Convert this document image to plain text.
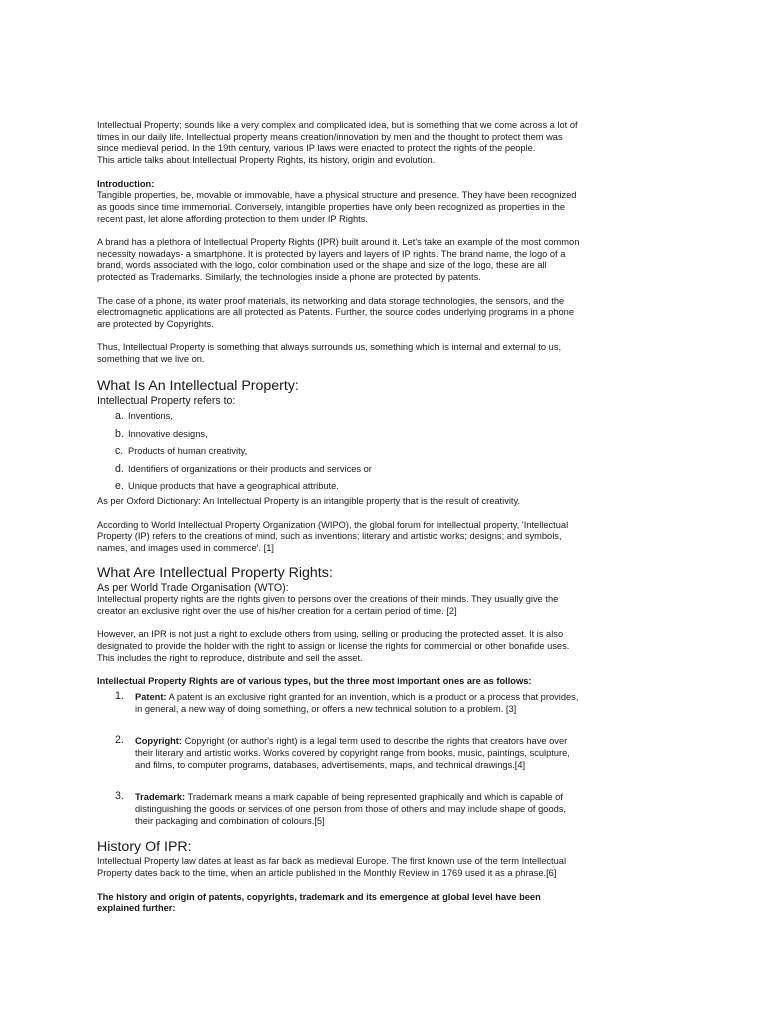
Intellectual Property; sounds like a very complex and complicated idea, but is something that we come across a lot of times in our daily life. Intellectual property means creation/innovation by men and the thought to protect them was since medieval period. In the 19th century, various IP laws were enacted to protect the rights of the people.

This article talks about Intellectual Property Rights, its history, origin and evolution.

Introduction:

Tangible properties, be, movable or immovable, have a physical structure and presence. They have been recognized as goods since time immemorial. Conversely, intangible properties have only been recognized as properties in the recent past, let alone affording protection to them under IP Rights.

A brand has a plethora of Intellectual Property Rights (IPR) built around it. Let's take an example of the most common necessity nowadays- a smartphone. It is protected by layers and layers of IP rights. The brand name, the logo of a brand, words associated with the logo, color combination used or the shape and size of the logo, these are all protected as Trademarks. Similarly, the technologies inside a phone are protected by patents.

The case of a phone, its water proof materials, its networking and data storage technologies, the sensors, and the electromagnetic applications are all protected as Patents. Further, the source codes underlying programs in a phone are protected by Copyrights.

Thus, Intellectual Property is something that always surrounds us, something which is internal and external to us, something that we live on.

What Is An Intellectual Property:

Intellectual Property refers to:

a. Inventions,
b. Innovative designs,
c. Products of human creativity,
d. Identifiers of organizations or their products and services or
e. Unique products that have a geographical attribute.

As per Oxford Dictionary: An Intellectual Property is an intangible property that is the result of creativity.

According to World Intellectual Property Organization (WIPO), the global forum for intellectual property, 'Intellectual Property (IP) refers to the creations of mind, such as inventions; literary and artistic works; designs; and symbols, names, and images used in commerce'. [1]

What Are Intellectual Property Rights:

As per World Trade Organisation (WTO):

Intellectual property rights are the rights given to persons over the creations of their minds. They usually give the creator an exclusive right over the use of his/her creation for a certain period of time. [2]

However, an IPR is not just a right to exclude others from using, selling or producing the protected asset. It is also designated to provide the holder with the right to assign or license the rights for commercial or other bonafide uses. This includes the right to reproduce, distribute and sell the asset.

Intellectual Property Rights are of various types, but the three most important ones are as follows:

1. Patent: A patent is an exclusive right granted for an invention, which is a product or a process that provides, in general, a new way of doing something, or offers a new technical solution to a problem. [3]
2. Copyright: Copyright (or author's right) is a legal term used to describe the rights that creators have over their literary and artistic works. Works covered by copyright range from books, music, paintings, sculpture, and films, to computer programs, databases, advertisements, maps, and technical drawings.[4]
3. Trademark: Trademark means a mark capable of being represented graphically and which is capable of distinguishing the goods or services of one person from those of others and may include shape of goods, their packaging and combination of colours.[5]
History Of IPR:

Intellectual Property law dates at least as far back as medieval Europe. The first known use of the term Intellectual Property dates back to the time, when an article published in the Monthly Review in 1769 used it as a phrase.[6]

The history and origin of patents, copyrights, trademark and its emergence at global level have been explained further:
